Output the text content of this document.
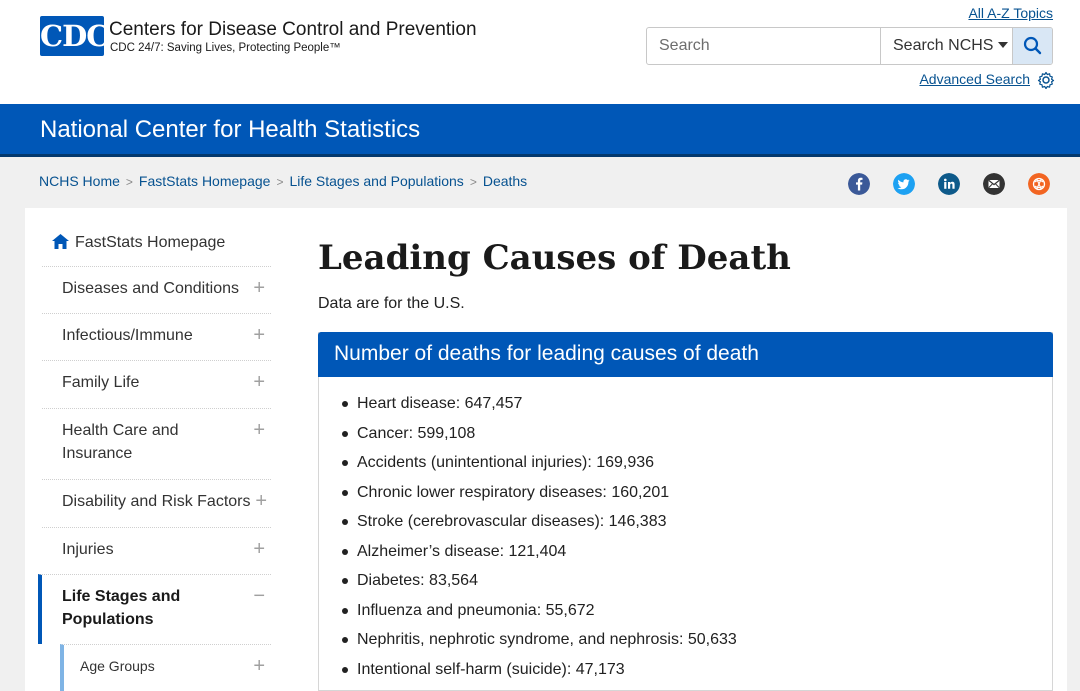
CDC Centers for Disease Control and Prevention
CDC 24/7: Saving Lives, Protecting People™
All A-Z Topics
Search
Search NCHS
Advanced Search
National Center for Health Statistics
NCHS Home > FastStats Homepage > Life Stages and Populations > Deaths
FastStats Homepage
Diseases and Conditions +
Infectious/Immune	+
Family Life	+
Health Care and Insurance
+
Disability and Risk Factors +
Injuries	+
Life Stages and Populations
−
Age Groups	+
Leading Causes of Death

Data are for the U.S.

Number of deaths for leading causes of death
Heart disease: 647,457
Cancer: 599,108
Accidents (unintentional injuries): 169,936
Chronic lower respiratory diseases: 160,201
Stroke (cerebrovascular diseases): 146,383
Alzheimer’s disease: 121,404
Diabetes: 83,564
Influenza and pneumonia: 55,672
Nephritis, nephrotic syndrome, and nephrosis: 50,633
Intentional self-harm (suicide): 47,173
